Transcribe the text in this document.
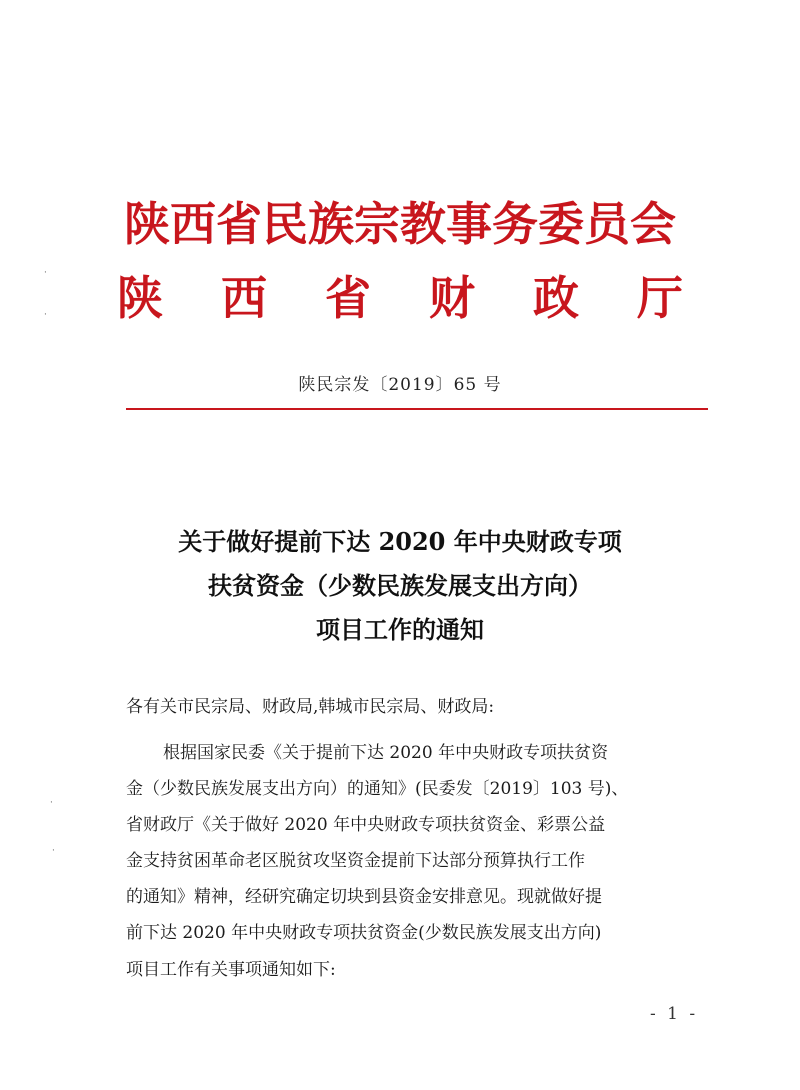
陕西省民族宗教事务委员会
陕西省财政厅
陕民宗发〔2019〕65 号
关于做好提前下达 2020 年中央财政专项
扶贫资金（少数民族发展支出方向）
项目工作的通知
各有关市民宗局、财政局,韩城市民宗局、财政局:
根据国家民委《关于提前下达 2020 年中央财政专项扶贫资
金（少数民族发展支出方向）的通知》(民委发〔2019〕103 号)、
省财政厅《关于做好 2020 年中央财政专项扶贫资金、彩票公益
金支持贫困革命老区脱贫攻坚资金提前下达部分预算执行工作
的通知》精神，经研究确定切块到县资金安排意见。现就做好提
前下达 2020 年中央财政专项扶贫资金(少数民族发展支出方向)
项目工作有关事项通知如下:
- 1 -
·
·
·
·
